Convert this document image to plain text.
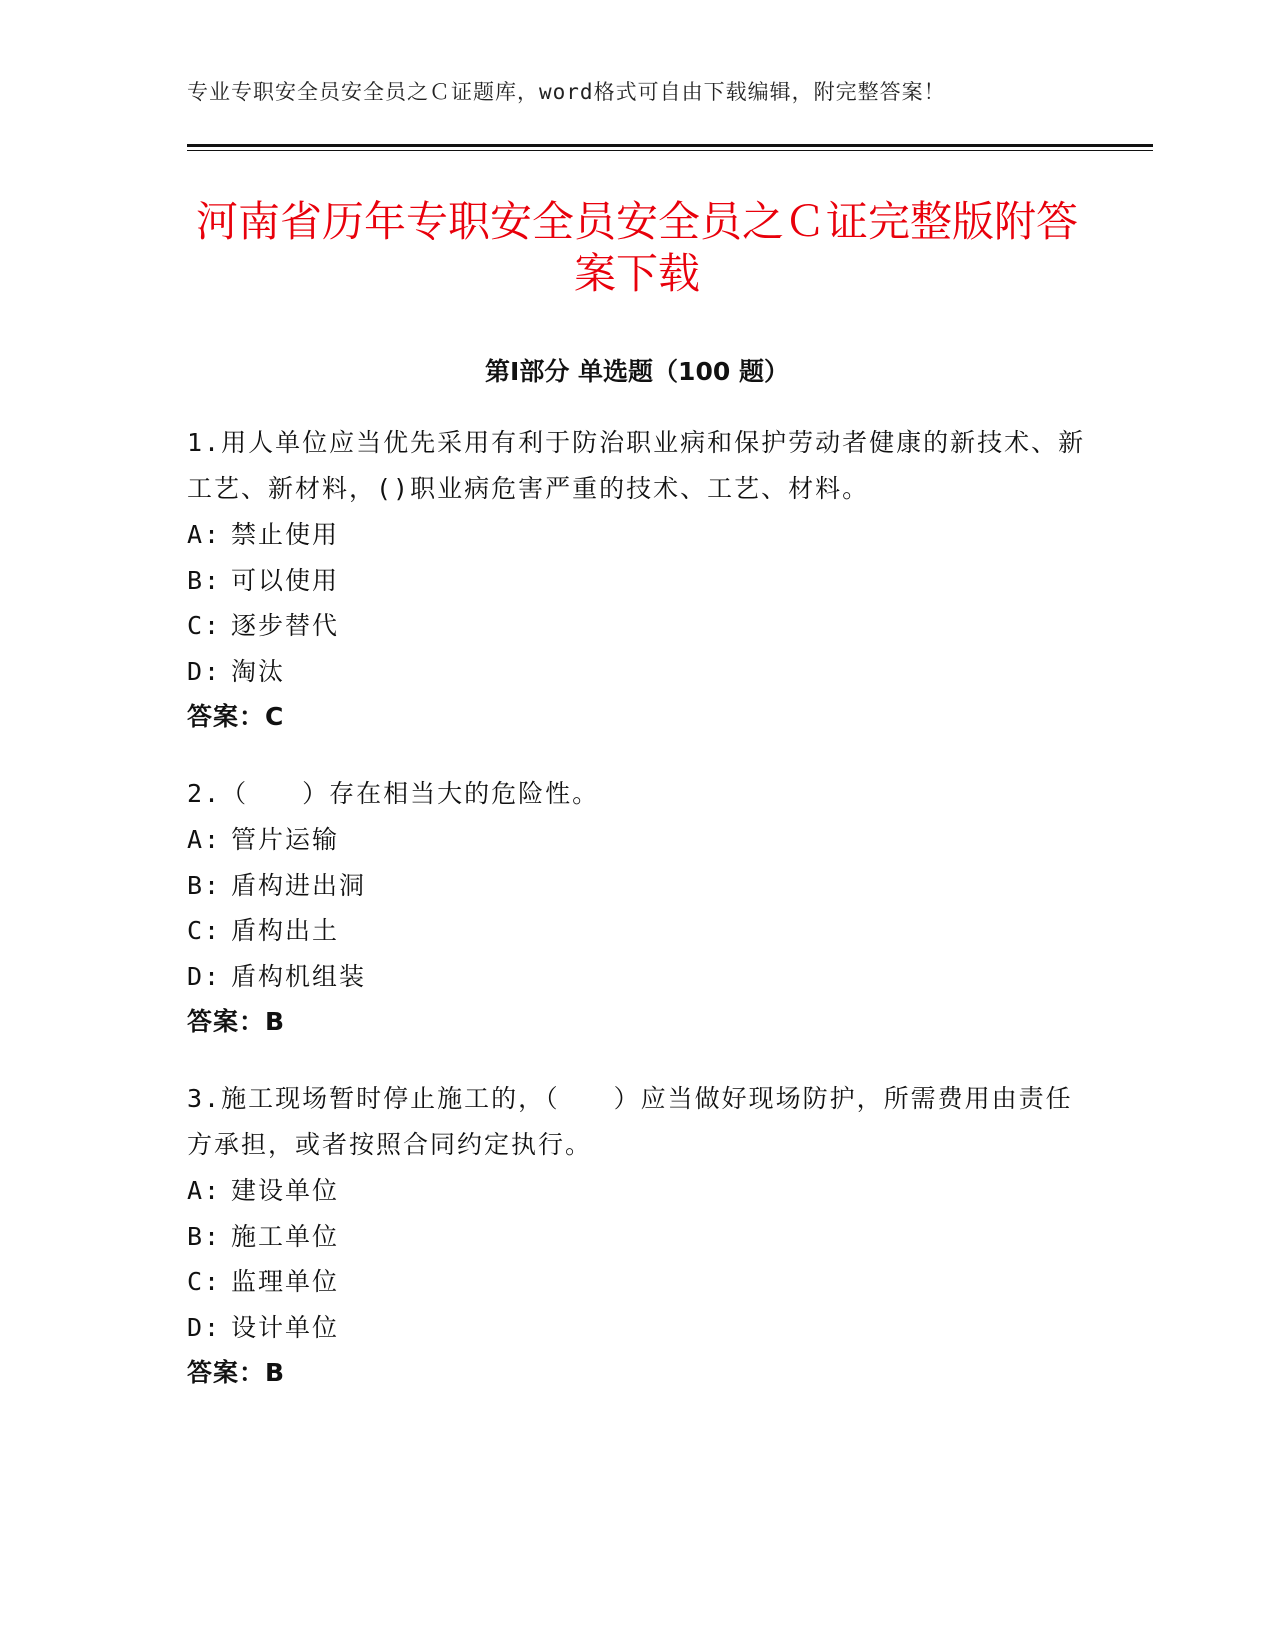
专业专职安全员安全员之Ｃ证题库，word格式可自由下载编辑，附完整答案！
河南省历年专职安全员安全员之Ｃ证完整版附答案下载
第Ⅰ部分 单选题（100 题）

1.用人单位应当优先采用有利于防治职业病和保护劳动者健康的新技术、新工艺、新材料，()职业病危害严重的技术、工艺、材料。

A: 禁止使用

B: 可以使用

C: 逐步替代

D: 淘汰

答案：C

2.（　　）存在相当大的危险性。

A: 管片运输

B: 盾构进出洞

C: 盾构出土

D: 盾构机组装

答案：B

3.施工现场暂时停止施工的，（　　）应当做好现场防护，所需费用由责任方承担，或者按照合同约定执行。

A: 建设单位

B: 施工单位

C: 监理单位

D: 设计单位

答案：B
